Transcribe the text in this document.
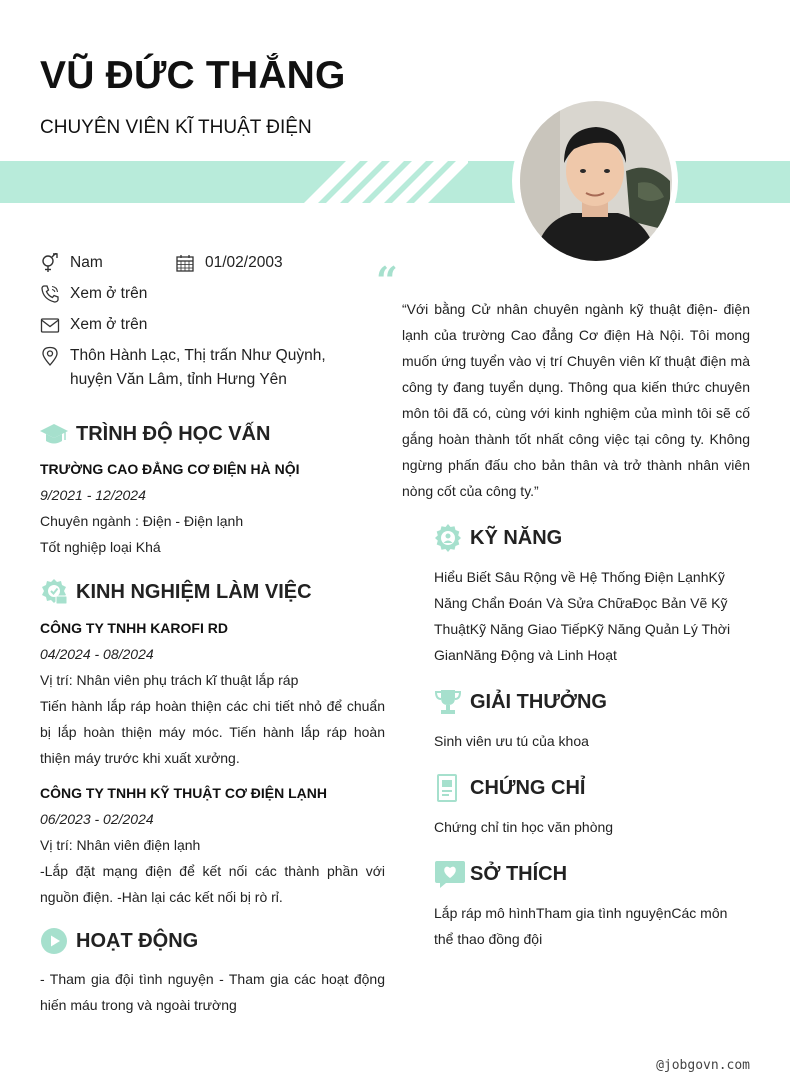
VŨ ĐỨC THẮNG
CHUYÊN VIÊN KĨ THUẬT ĐIỆN
Nam	01/02/2003
Xem ở trên
Xem ở trên
Thôn Hành Lạc, Thị trấn Như Quỳnh,
huyện Văn Lâm, tỉnh Hưng Yên
TRÌNH ĐỘ HỌC VẤN
TRƯỜNG CAO ĐẲNG CƠ ĐIỆN HÀ NỘI
9/2021 - 12/2024
Chuyên ngành : Điện - Điện lạnh
Tốt nghiệp loại Khá
KINH NGHIỆM LÀM VIỆC
CÔNG TY TNHH KAROFI RD
04/2024 - 08/2024
Vị trí: Nhân viên phụ trách kĩ thuật lắp ráp
Tiến hành lắp ráp hoàn thiện các chi tiết nhỏ để chuẩn bị lắp hoàn thiện máy móc. Tiến hành lắp ráp hoàn thiện máy trước khi xuất xưởng.
CÔNG TY TNHH KỸ THUẬT CƠ ĐIỆN LẠNH
06/2023 - 02/2024
Vị trí: Nhân viên điện lạnh
-Lắp đặt mạng điện để kết nối các thành phần với nguồn điện. -Hàn lại các kết nối bị rò rỉ.
HOẠT ĐỘNG
- Tham gia đội tình nguyện - Tham gia các hoạt động hiến máu trong và ngoài trường
“
“Với bằng Cử nhân chuyên ngành kỹ thuật điện- điện lạnh của trường Cao đẳng Cơ điện Hà Nội. Tôi mong muốn ứng tuyển vào vị trí Chuyên viên kĩ thuật điện mà công ty đang tuyển dụng. Thông qua kiến thức chuyên môn tôi đã có, cùng với kinh nghiệm của mình tôi sẽ cố gắng hoàn thành tốt nhất công việc tại công ty. Không ngừng phấn đấu cho bản thân và trở thành nhân viên nòng cốt của công ty.”
KỸ NĂNG
Hiểu Biết Sâu Rộng về Hệ Thống Điện LạnhKỹ Năng Chẩn Đoán Và Sửa ChữaĐọc Bản Vẽ Kỹ ThuậtKỹ Năng Giao TiếpKỹ Năng Quản Lý Thời GianNăng Động và Linh Hoạt
GIẢI THƯỞNG
Sinh viên ưu tú của khoa
CHỨNG CHỈ
Chứng chỉ tin học văn phòng
SỞ THÍCH
Lắp ráp mô hìnhTham gia tình nguyệnCác môn thể thao đồng đội
@jobgovn.com
